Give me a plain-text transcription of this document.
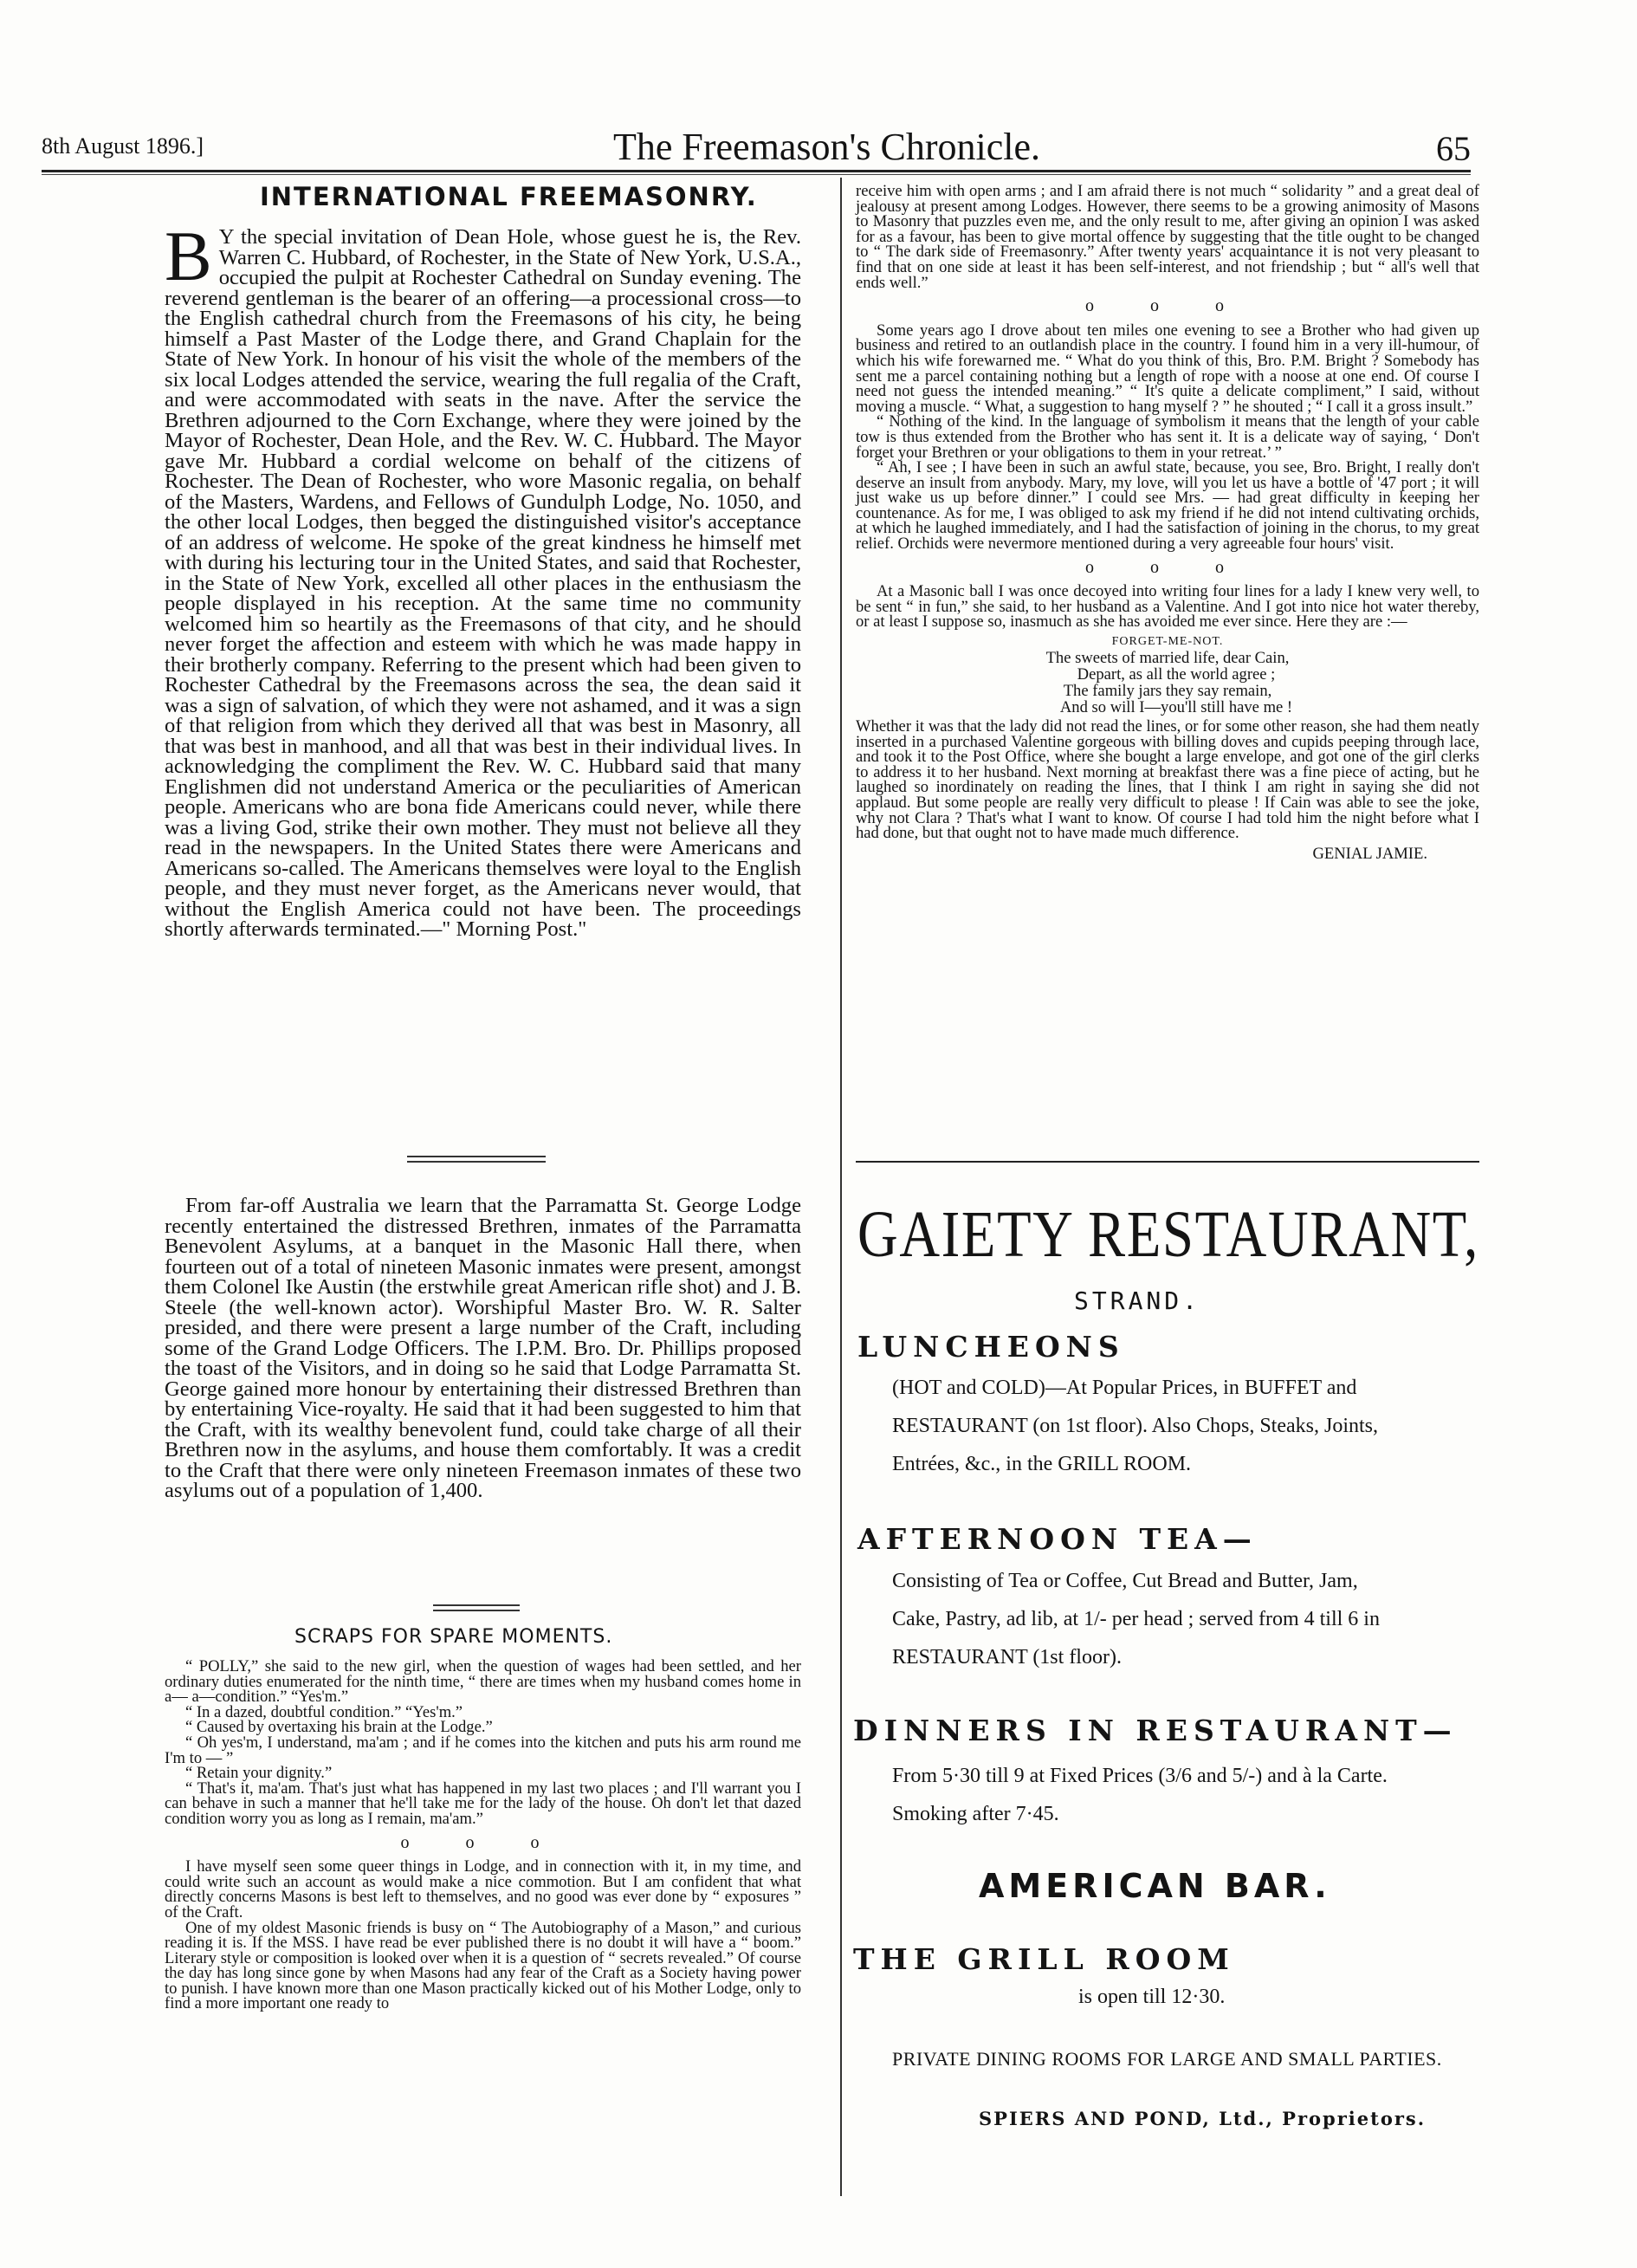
8th August 1896.]	The Freemason's Chronicle.	65
INTERNATIONAL FREEMASONRY.
B Y the special invitation of Dean Hole, whose guest he is, the Rev. Warren C. Hubbard, of Rochester, in the State of New York, U.S.A., occupied the pulpit at Rochester Cathedral on Sunday evening. The reverend gentleman is the bearer of an offering—a processional cross—to the English cathedral church from the Freemasons of his city, he being himself a Past Master of the Lodge there, and Grand Chaplain for the State of New York. In honour of his visit the whole of the members of the six local Lodges attended the service, wearing the full regalia of the Craft, and were accommodated with seats in the nave. After the service the Brethren adjourned to the Corn Exchange, where they were joined by the Mayor of Rochester, Dean Hole, and the Rev. W. C. Hubbard. The Mayor gave Mr. Hubbard a cordial welcome on behalf of the citizens of Rochester. The Dean of Rochester, who wore Masonic regalia, on behalf of the Masters, Wardens, and Fellows of Gundulph Lodge, No. 1050, and the other local Lodges, then begged the distinguished visitor's acceptance of an address of welcome. He spoke of the great kindness he himself met with during his lecturing tour in the United States, and said that Rochester, in the State of New York, excelled all other places in the enthusiasm the people displayed in his reception. At the same time no community welcomed him so heartily as the Freemasons of that city, and he should never forget the affection and esteem with which he was made happy in their brotherly company. Referring to the present which had been given to Rochester Cathedral by the Freemasons across the sea, the dean said it was a sign of salvation, of which they were not ashamed, and it was a sign of that religion from which they derived all that was best in Masonry, all that was best in manhood, and all that was best in their individual lives. In acknowledging the compliment the Rev. W. C. Hubbard said that many Englishmen did not understand America or the peculiarities of American people. Americans who are bona fide Americans could never, while there was a living God, strike their own mother. They must not believe all they read in the newspapers. In the United States there were Americans and Americans so-called. The Americans themselves were loyal to the English people, and they must never forget, as the Americans never would, that without the English America could not have been. The proceedings shortly afterwards terminated.—" Morning Post."
From far-off Australia we learn that the Parramatta St. George Lodge recently entertained the distressed Brethren, inmates of the Parramatta Benevolent Asylums, at a banquet in the Masonic Hall there, when fourteen out of a total of nineteen Masonic inmates were present, amongst them Colonel Ike Austin (the erstwhile great American rifle shot) and J. B. Steele (the well-known actor). Worshipful Master Bro. W. R. Salter presided, and there were present a large number of the Craft, including some of the Grand Lodge Officers. The I.P.M. Bro. Dr. Phillips proposed the toast of the Visitors, and in doing so he said that Lodge Parramatta St. George gained more honour by entertaining their distressed Brethren than by entertaining Vice-royalty. He said that it had been suggested to him that the Craft, with its wealthy benevolent fund, could take charge of all their Brethren now in the asylums, and house them comfortably. It was a credit to the Craft that there were only nineteen Freemason inmates of these two asylums out of a population of 1,400.
SCRAPS FOR SPARE MOMENTS.

“ POLLY,” she said to the new girl, when the question of wages had been settled, and her ordinary duties enumerated for the ninth time, “ there are times when my husband comes home in a— a—condition.” “Yes'm.”

“ In a dazed, doubtful condition.” “Yes'm.”

“ Caused by overtaxing his brain at the Lodge.”

“ Oh yes'm, I understand, ma'am ; and if he comes into the kitchen and puts his arm round me I'm to — ”

“ Retain your dignity.”

“ That's it, ma'am. That's just what has happened in my last two places ; and I'll warrant you I can behave in such a manner that he'll take me for the lady of the house. Oh don't let that dazed condition worry you as long as I remain, ma'am.”

o o o

I have myself seen some queer things in Lodge, and in connection with it, in my time, and could write such an account as would make a nice commotion. But I am confident that what directly concerns Masons is best left to themselves, and no good was ever done by “ exposures ” of the Craft.

One of my oldest Masonic friends is busy on “ The Autobiography of a Mason,” and curious reading it is. If the MSS. I have read be ever published there is no doubt it will have a “ boom.” Literary style or composition is looked over when it is a question of “ secrets revealed.” Of course the day has long since gone by when Masons had any fear of the Craft as a Society having power to punish. I have known more than one Mason practically kicked out of his Mother Lodge, only to find a more important one ready to

receive him with open arms ; and I am afraid there is not much “ solidarity ” and a great deal of jealousy at present among Lodges. However, there seems to be a growing animosity of Masons to Masonry that puzzles even me, and the only result to me, after giving an opinion I was asked for as a favour, has been to give mortal offence by suggesting that the title ought to be changed to “ The dark side of Freemasonry.” After twenty years' acquaintance it is not very pleasant to find that on one side at least it has been self-interest, and not friendship ; but “ all's well that ends well.”

o o o

Some years ago I drove about ten miles one evening to see a Brother who had given up business and retired to an outlandish place in the country. I found him in a very ill-humour, of which his wife forewarned me. “ What do you think of this, Bro. P.M. Bright ? Somebody has sent me a parcel containing nothing but a length of rope with a noose at one end. Of course I need not guess the intended meaning.” “ It's quite a delicate compliment,” I said, without moving a muscle. “ What, a suggestion to hang myself ? ” he shouted ; “ I call it a gross insult.”

“ Nothing of the kind. In the language of symbolism it means that the length of your cable tow is thus extended from the Brother who has sent it. It is a delicate way of saying, ‘ Don't forget your Brethren or your obligations to them in your retreat.’ ”

“ Ah, I see ; I have been in such an awful state, because, you see, Bro. Bright, I really don't deserve an insult from anybody. Mary, my love, will you let us have a bottle of '47 port ; it will just wake us up before dinner.” I could see Mrs. — had great difficulty in keeping her countenance. As for me, I was obliged to ask my friend if he did not intend cultivating orchids, at which he laughed immediately, and I had the satisfaction of joining in the chorus, to my great relief. Orchids were nevermore mentioned during a very agreeable four hours' visit.

o o o

At a Masonic ball I was once decoyed into writing four lines for a lady I knew very well, to be sent “ in fun,” she said, to her husband as a Valentine. And I got into nice hot water thereby, or at least I suppose so, inasmuch as she has avoided me ever since. Here they are :—

FORGET-ME-NOT.
The sweets of married life, dear Cain,
Depart, as all the world agree ;
The family jars they say remain,
And so will I—you'll still have me !

Whether it was that the lady did not read the lines, or for some other reason, she had them neatly inserted in a purchased Valentine gorgeous with billing doves and cupids peeping through lace, and took it to the Post Office, where she bought a large envelope, and got one of the girl clerks to address it to her husband. Next morning at breakfast there was a fine piece of acting, but he laughed so inordinately on reading the lines, that I think I am right in saying she did not applaud. But some people are really very difficult to please ! If Cain was able to see the joke, why not Clara ? That's what I want to know. Of course I had told him the night before what I had done, but that ought not to have made much difference.

GENIAL JAMIE.
GAIETY RESTAURANT,
STRAND.
LUNCHEONS
(HOT and COLD)—At Popular Prices, in BUFFET and
RESTAURANT (on 1st floor). Also Chops, Steaks, Joints,
Entrées, &c., in the GRILL ROOM.
AFTERNOON TEA—
Consisting of Tea or Coffee, Cut Bread and Butter, Jam,
Cake, Pastry, ad lib, at 1/- per head ; served from 4 till 6 in
RESTAURANT (1st floor).
DINNERS IN RESTAURANT—
From 5·30 till 9 at Fixed Prices (3/6 and 5/-) and à la Carte.
Smoking after 7·45.
AMERICAN BAR.
THE GRILL ROOM
is open till 12·30.
PRIVATE DINING ROOMS FOR LARGE AND SMALL PARTIES.
SPIERS AND POND, Ltd., Proprietors.
